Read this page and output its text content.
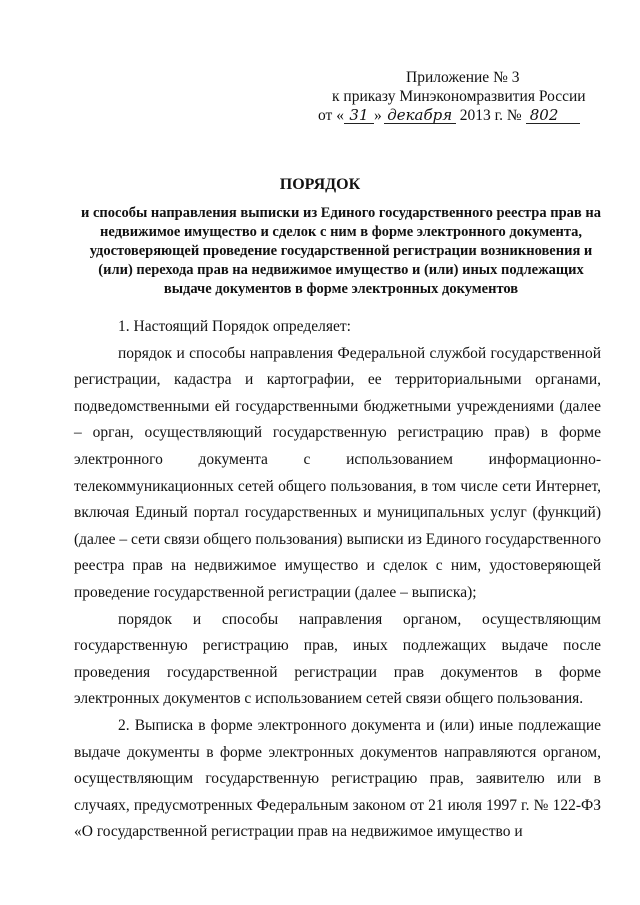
Приложение № 3
к приказу Минэкономразвития России
от « 31 » декабря 2013 г. № 802
ПОРЯДОК
и способы направления выписки из Единого государственного реестра прав на недвижимое имущество и сделок с ним в форме электронного документа, удостоверяющей проведение государственной регистрации возникновения и (или) перехода прав на недвижимое имущество и (или) иных подлежащих выдаче документов в форме электронных документов

1. Настоящий Порядок определяет:

порядок и способы направления Федеральной службой государственной регистрации, кадастра и картографии, ее территориальными органами, подведомственными ей государственными бюджетными учреждениями (далее – орган, осуществляющий государственную регистрацию прав) в форме электронного документа с использованием информационно-телекоммуникационных сетей общего пользования, в том числе сети Интернет, включая Единый портал государственных и муниципальных услуг (функций) (далее – сети связи общего пользования) выписки из Единого государственного реестра прав на недвижимое имущество и сделок с ним, удостоверяющей проведение государственной регистрации (далее – выписка);

порядок и способы направления органом, осуществляющим государственную регистрацию прав, иных подлежащих выдаче после проведения государственной регистрации прав документов в форме электронных документов с использованием сетей связи общего пользования.

2. Выписка в форме электронного документа и (или) иные подлежащие выдаче документы в форме электронных документов направляются органом, осуществляющим государственную регистрацию прав, заявителю или в случаях, предусмотренных Федеральным законом от 21 июля 1997 г. № 122-ФЗ «О государственной регистрации прав на недвижимое имущество и
